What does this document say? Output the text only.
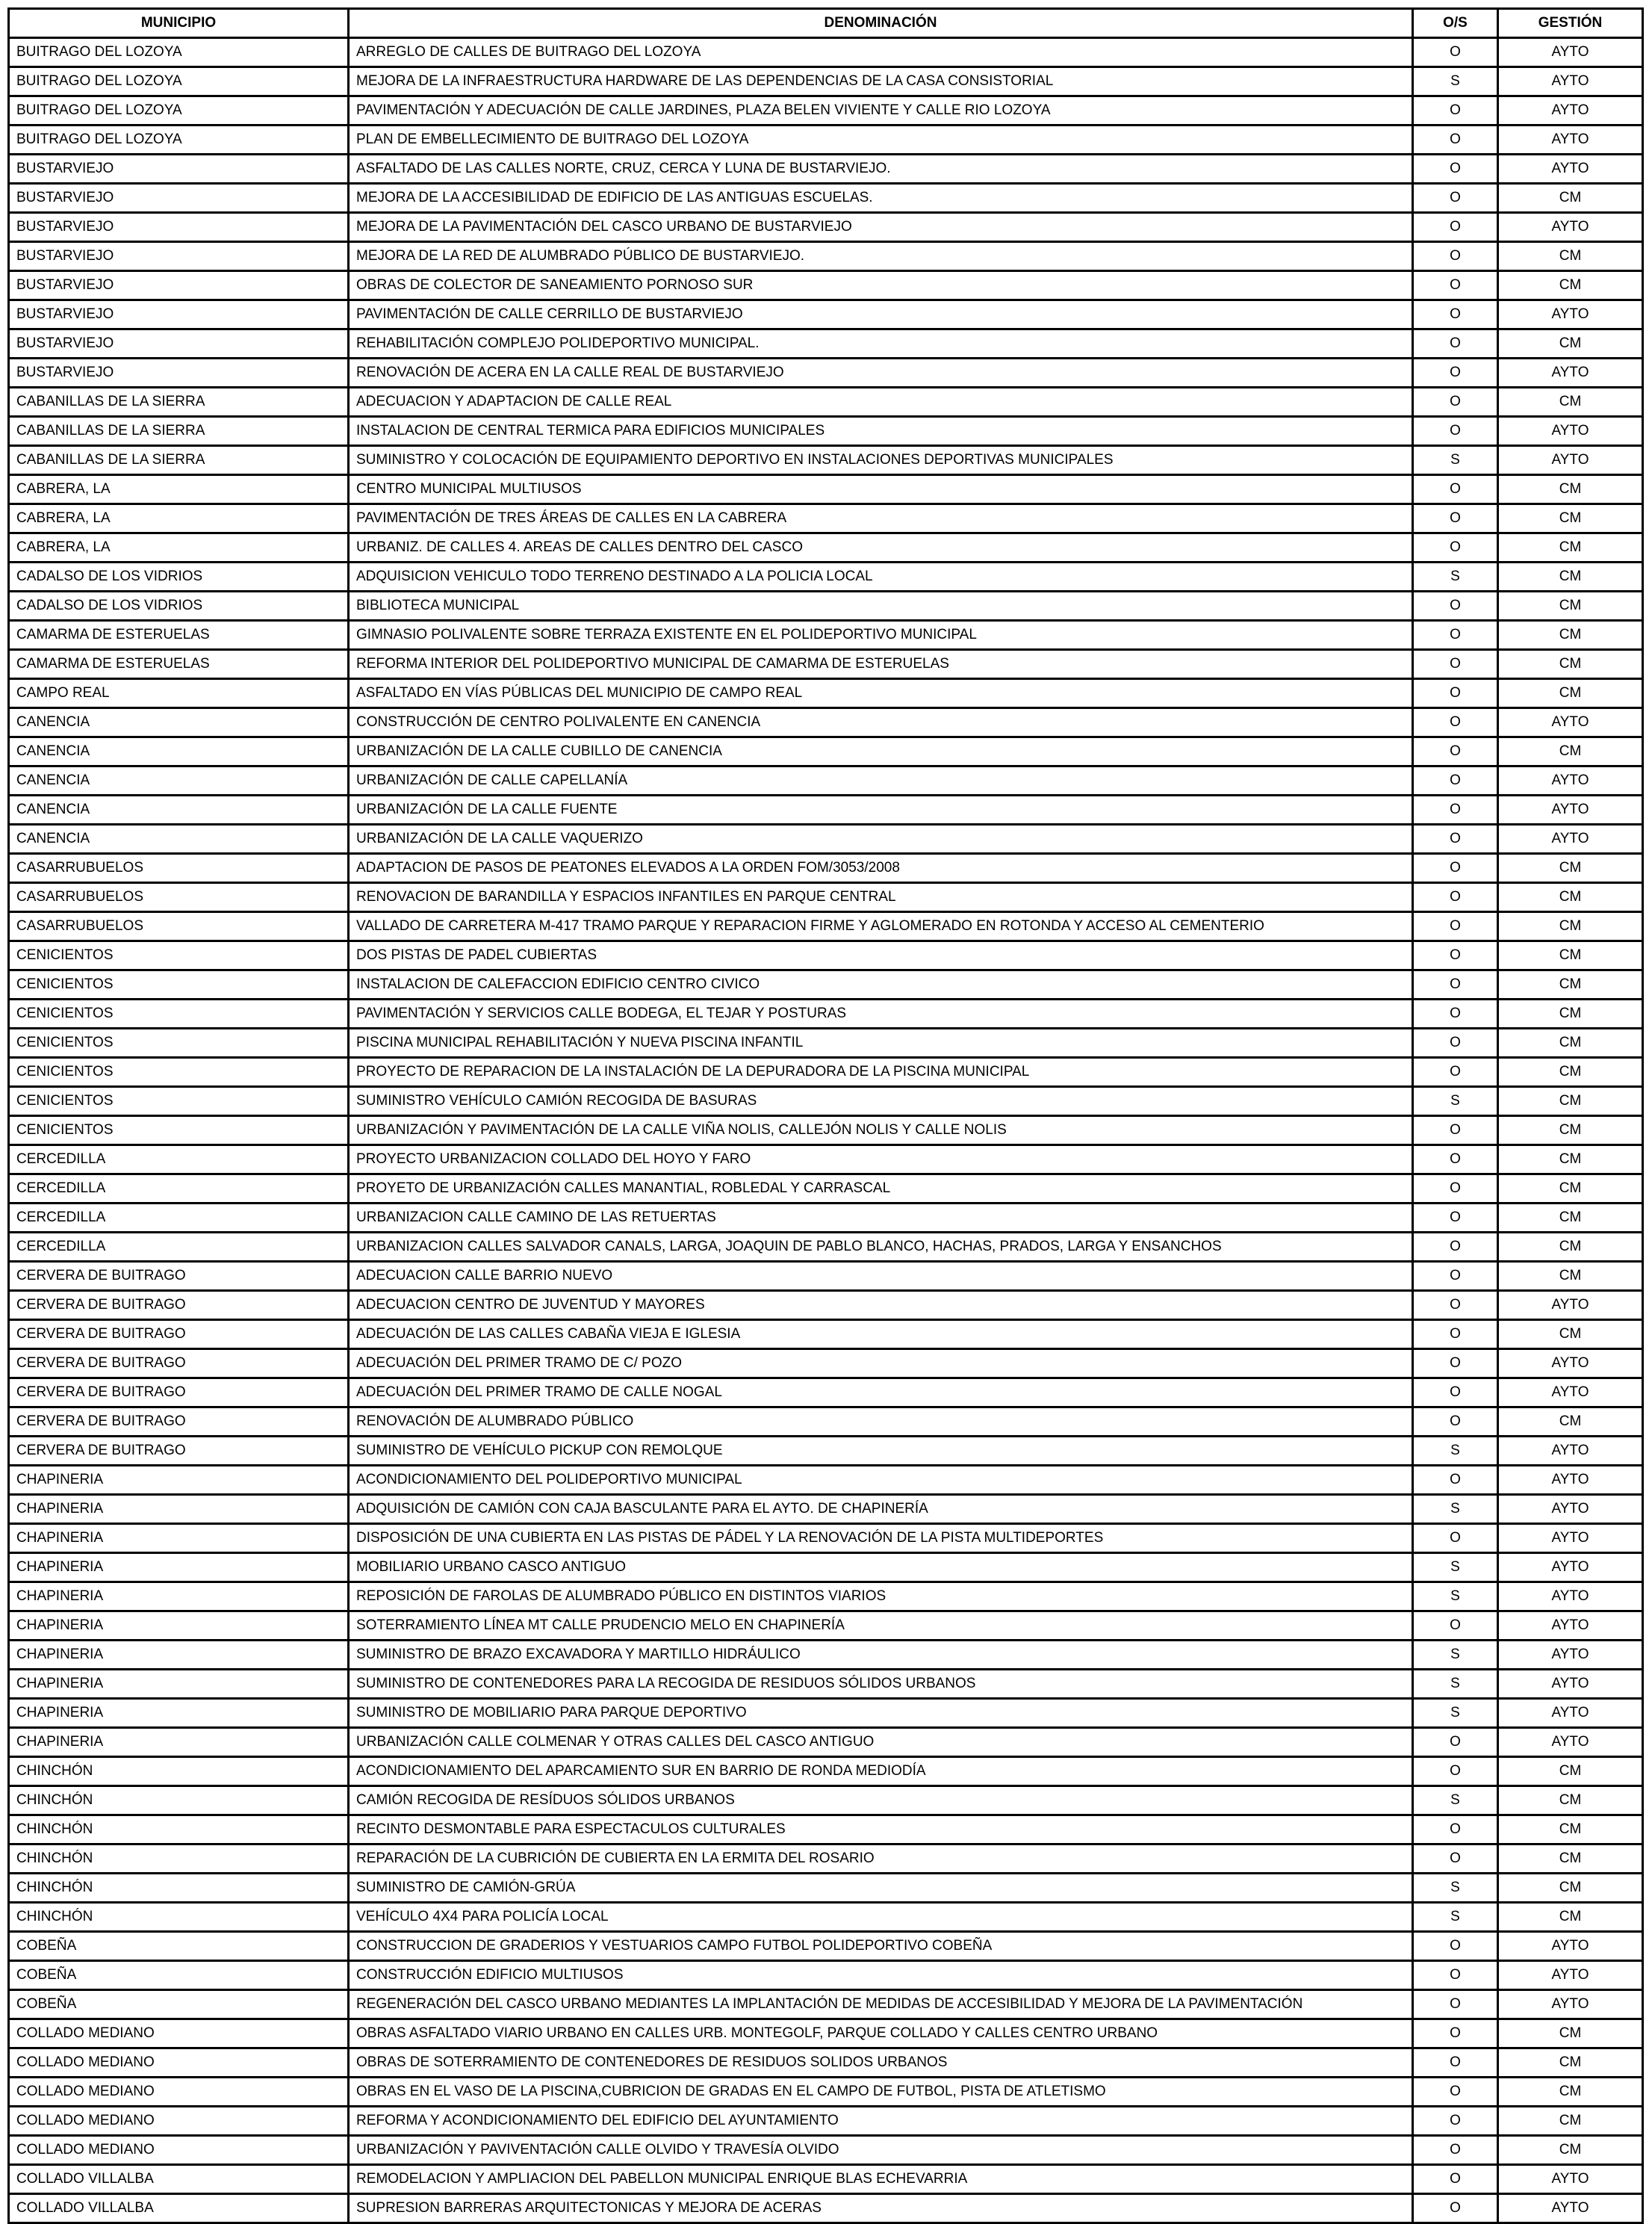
MUNICIPIO	DENOMINACIÓN	O/S	GESTIÓN
BUITRAGO DEL LOZOYA	ARREGLO DE CALLES DE BUITRAGO DEL LOZOYA	O	AYTO
BUITRAGO DEL LOZOYA	MEJORA DE LA INFRAESTRUCTURA HARDWARE DE LAS DEPENDENCIAS DE LA CASA CONSISTORIAL	S	AYTO
BUITRAGO DEL LOZOYA	PAVIMENTACIÓN Y ADECUACIÓN DE CALLE JARDINES, PLAZA BELEN VIVIENTE Y CALLE RIO LOZOYA	O	AYTO
BUITRAGO DEL LOZOYA	PLAN DE EMBELLECIMIENTO DE BUITRAGO DEL LOZOYA	O	AYTO
BUSTARVIEJO	ASFALTADO DE LAS CALLES NORTE, CRUZ, CERCA Y LUNA DE BUSTARVIEJO.	O	AYTO
BUSTARVIEJO	MEJORA DE LA ACCESIBILIDAD DE EDIFICIO DE LAS ANTIGUAS ESCUELAS.	O	CM
BUSTARVIEJO	MEJORA DE LA PAVIMENTACIÓN DEL CASCO URBANO DE BUSTARVIEJO	O	AYTO
BUSTARVIEJO	MEJORA DE LA RED DE ALUMBRADO PÚBLICO DE BUSTARVIEJO.	O	CM
BUSTARVIEJO	OBRAS DE COLECTOR DE SANEAMIENTO PORNOSO SUR	O	CM
BUSTARVIEJO	PAVIMENTACIÓN DE CALLE CERRILLO DE BUSTARVIEJO	O	AYTO
BUSTARVIEJO	REHABILITACIÓN COMPLEJO POLIDEPORTIVO MUNICIPAL.	O	CM
BUSTARVIEJO	RENOVACIÓN DE ACERA EN LA CALLE REAL DE BUSTARVIEJO	O	AYTO
CABANILLAS DE LA SIERRA	ADECUACION Y ADAPTACION DE CALLE REAL	O	CM
CABANILLAS DE LA SIERRA	INSTALACION DE CENTRAL TERMICA PARA EDIFICIOS MUNICIPALES	O	AYTO
CABANILLAS DE LA SIERRA	SUMINISTRO Y COLOCACIÓN DE EQUIPAMIENTO DEPORTIVO EN INSTALACIONES DEPORTIVAS MUNICIPALES	S	AYTO
CABRERA, LA	CENTRO MUNICIPAL MULTIUSOS	O	CM
CABRERA, LA	PAVIMENTACIÓN DE TRES ÁREAS DE CALLES EN LA CABRERA	O	CM
CABRERA, LA	URBANIZ. DE CALLES 4. AREAS DE CALLES DENTRO DEL CASCO	O	CM
CADALSO DE LOS VIDRIOS	ADQUISICION VEHICULO TODO TERRENO DESTINADO A LA POLICIA LOCAL	S	CM
CADALSO DE LOS VIDRIOS	BIBLIOTECA MUNICIPAL	O	CM
CAMARMA DE ESTERUELAS	GIMNASIO POLIVALENTE SOBRE TERRAZA EXISTENTE EN EL POLIDEPORTIVO MUNICIPAL	O	CM
CAMARMA DE ESTERUELAS	REFORMA INTERIOR DEL POLIDEPORTIVO MUNICIPAL DE CAMARMA DE ESTERUELAS	O	CM
CAMPO REAL	ASFALTADO EN VÍAS PÚBLICAS DEL MUNICIPIO DE CAMPO REAL	O	CM
CANENCIA	CONSTRUCCIÓN DE CENTRO POLIVALENTE EN CANENCIA	O	AYTO
CANENCIA	URBANIZACIÓN DE LA CALLE CUBILLO DE CANENCIA	O	CM
CANENCIA	URBANIZACIÓN DE CALLE CAPELLANÍA	O	AYTO
CANENCIA	URBANIZACIÓN DE LA CALLE FUENTE	O	AYTO
CANENCIA	URBANIZACIÓN DE LA CALLE VAQUERIZO	O	AYTO
CASARRUBUELOS	ADAPTACION DE PASOS DE PEATONES ELEVADOS A LA ORDEN FOM/3053/2008	O	CM
CASARRUBUELOS	RENOVACION DE BARANDILLA Y ESPACIOS INFANTILES EN PARQUE CENTRAL	O	CM
CASARRUBUELOS	VALLADO DE CARRETERA M-417 TRAMO PARQUE Y REPARACION FIRME Y AGLOMERADO EN ROTONDA Y ACCESO AL CEMENTERIO	O	CM
CENICIENTOS	DOS PISTAS DE PADEL CUBIERTAS	O	CM
CENICIENTOS	INSTALACION DE CALEFACCION EDIFICIO CENTRO CIVICO	O	CM
CENICIENTOS	PAVIMENTACIÓN Y SERVICIOS CALLE BODEGA, EL TEJAR Y POSTURAS	O	CM
CENICIENTOS	PISCINA MUNICIPAL REHABILITACIÓN Y NUEVA PISCINA INFANTIL	O	CM
CENICIENTOS	PROYECTO DE REPARACION DE LA INSTALACIÓN DE LA DEPURADORA DE LA PISCINA MUNICIPAL	O	CM
CENICIENTOS	SUMINISTRO VEHÍCULO CAMIÓN RECOGIDA DE BASURAS	S	CM
CENICIENTOS	URBANIZACIÓN Y PAVIMENTACIÓN DE LA CALLE VIÑA NOLIS, CALLEJÓN NOLIS Y CALLE NOLIS	O	CM
CERCEDILLA	PROYECTO URBANIZACION COLLADO DEL HOYO Y FARO	O	CM
CERCEDILLA	PROYETO DE URBANIZACIÓN CALLES MANANTIAL, ROBLEDAL Y CARRASCAL	O	CM
CERCEDILLA	URBANIZACION CALLE CAMINO DE LAS RETUERTAS	O	CM
CERCEDILLA	URBANIZACION CALLES SALVADOR CANALS, LARGA, JOAQUIN DE PABLO BLANCO, HACHAS, PRADOS, LARGA Y ENSANCHOS	O	CM
CERVERA DE BUITRAGO	ADECUACION CALLE BARRIO NUEVO	O	CM
CERVERA DE BUITRAGO	ADECUACION CENTRO DE JUVENTUD Y MAYORES	O	AYTO
CERVERA DE BUITRAGO	ADECUACIÓN DE LAS CALLES CABAÑA VIEJA E IGLESIA	O	CM
CERVERA DE BUITRAGO	ADECUACIÓN DEL PRIMER TRAMO DE C/ POZO	O	AYTO
CERVERA DE BUITRAGO	ADECUACIÓN DEL PRIMER TRAMO DE CALLE NOGAL	O	AYTO
CERVERA DE BUITRAGO	RENOVACIÓN DE ALUMBRADO PÚBLICO	O	CM
CERVERA DE BUITRAGO	SUMINISTRO DE VEHÍCULO PICKUP CON REMOLQUE	S	AYTO
CHAPINERIA	ACONDICIONAMIENTO DEL POLIDEPORTIVO MUNICIPAL	O	AYTO
CHAPINERIA	ADQUISICIÓN DE CAMIÓN CON CAJA BASCULANTE PARA EL AYTO. DE CHAPINERÍA	S	AYTO
CHAPINERIA	DISPOSICIÓN DE UNA CUBIERTA EN LAS PISTAS DE PÁDEL Y LA RENOVACIÓN DE LA PISTA MULTIDEPORTES	O	AYTO
CHAPINERIA	MOBILIARIO URBANO CASCO ANTIGUO	S	AYTO
CHAPINERIA	REPOSICIÓN DE FAROLAS DE ALUMBRADO PÚBLICO EN DISTINTOS VIARIOS	S	AYTO
CHAPINERIA	SOTERRAMIENTO LÍNEA MT CALLE PRUDENCIO MELO EN CHAPINERÍA	O	AYTO
CHAPINERIA	SUMINISTRO DE BRAZO EXCAVADORA Y MARTILLO HIDRÁULICO	S	AYTO
CHAPINERIA	SUMINISTRO DE CONTENEDORES PARA LA RECOGIDA DE RESIDUOS SÓLIDOS URBANOS	S	AYTO
CHAPINERIA	SUMINISTRO DE MOBILIARIO PARA PARQUE DEPORTIVO	S	AYTO
CHAPINERIA	URBANIZACIÓN CALLE COLMENAR Y OTRAS CALLES DEL CASCO ANTIGUO	O	AYTO
CHINCHÓN	ACONDICIONAMIENTO DEL APARCAMIENTO SUR EN BARRIO DE RONDA MEDIODÍA	O	CM
CHINCHÓN	CAMIÓN RECOGIDA DE RESÍDUOS SÓLIDOS URBANOS	S	CM
CHINCHÓN	RECINTO DESMONTABLE PARA ESPECTACULOS CULTURALES	O	CM
CHINCHÓN	REPARACIÓN DE LA CUBRICIÓN DE CUBIERTA EN LA ERMITA DEL ROSARIO	O	CM
CHINCHÓN	SUMINISTRO DE CAMIÓN-GRÚA	S	CM
CHINCHÓN	VEHÍCULO 4X4 PARA POLICÍA LOCAL	S	CM
COBEÑA	CONSTRUCCION DE GRADERIOS Y VESTUARIOS CAMPO FUTBOL POLIDEPORTIVO COBEÑA	O	AYTO
COBEÑA	CONSTRUCCIÓN EDIFICIO MULTIUSOS	O	AYTO
COBEÑA	REGENERACIÓN DEL CASCO URBANO MEDIANTES LA IMPLANTACIÓN DE MEDIDAS DE ACCESIBILIDAD Y MEJORA DE LA PAVIMENTACIÓN	O	AYTO
COLLADO MEDIANO	OBRAS ASFALTADO VIARIO URBANO EN CALLES URB. MONTEGOLF, PARQUE COLLADO Y CALLES CENTRO URBANO	O	CM
COLLADO MEDIANO	OBRAS DE SOTERRAMIENTO DE CONTENEDORES DE RESIDUOS SOLIDOS URBANOS	O	CM
COLLADO MEDIANO	OBRAS EN EL VASO DE LA PISCINA,CUBRICION DE GRADAS EN EL CAMPO DE FUTBOL, PISTA DE ATLETISMO	O	CM
COLLADO MEDIANO	REFORMA Y ACONDICIONAMIENTO DEL EDIFICIO DEL AYUNTAMIENTO	O	CM
COLLADO MEDIANO	URBANIZACIÓN Y PAVIVENTACIÓN CALLE OLVIDO Y TRAVESÍA OLVIDO	O	CM
COLLADO VILLALBA	REMODELACION Y AMPLIACION DEL PABELLON MUNICIPAL ENRIQUE BLAS ECHEVARRIA	O	AYTO
COLLADO VILLALBA	SUPRESION BARRERAS ARQUITECTONICAS Y MEJORA DE ACERAS	O	AYTO
